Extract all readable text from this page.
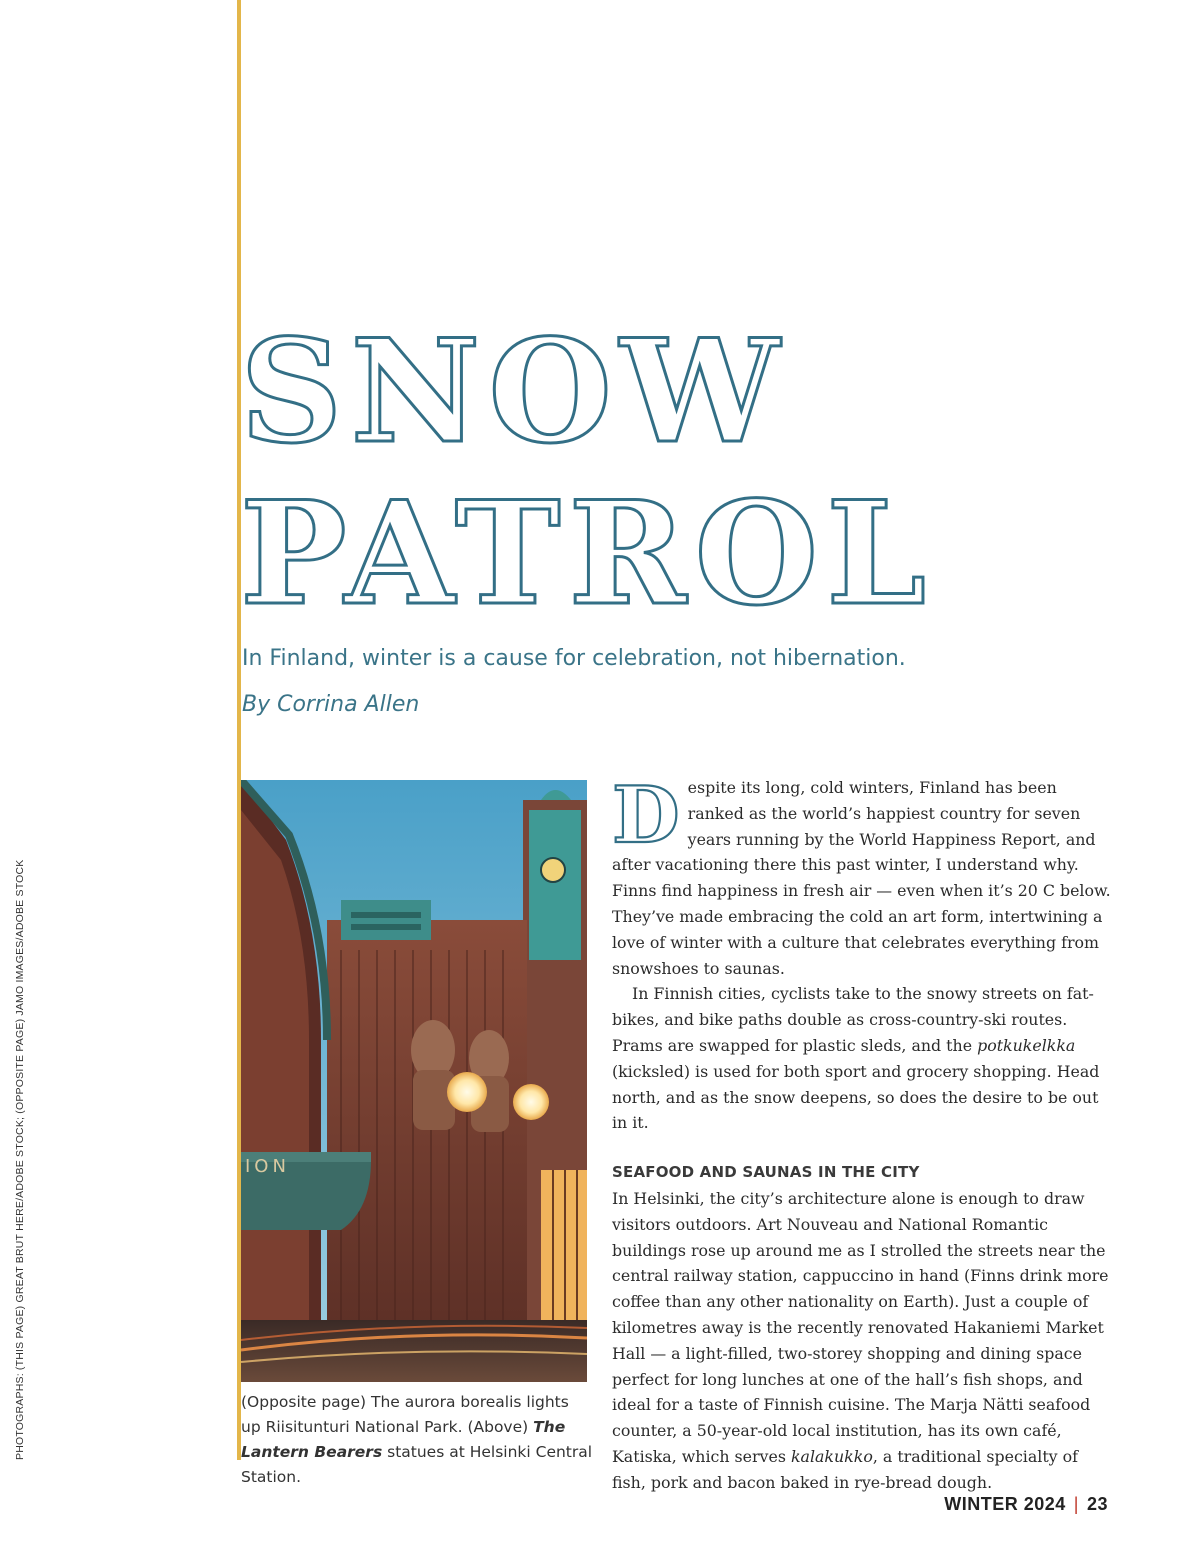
PHOTOGRAPHS: (THIS PAGE) GREAT BRUT HERE/ADOBE STOCK; (OPPOSITE PAGE) JAMO IMAGES/ADOBE STOCK
SNOW
PATROL
In Finland, winter is a cause for celebration, not hibernation.
By Corrina Allen
ION
(Opposite page) The aurora borealis lights up Riisitunturi National Park. (Above) The Lantern Bearers statues at Helsinki Central Station.

Despite its long, cold winters, Finland has been ranked as the world’s happiest country for seven years running by the World Happiness Report, and after vacationing there this past winter, I understand why. Finns find happiness in fresh air — even when it’s 20 C below. They’ve made embracing the cold an art form, intertwining a love of winter with a culture that celebrates everything from snowshoes to saunas.

In Finnish cities, cyclists take to the snowy streets on fat-bikes, and bike paths double as cross-country-ski routes. Prams are swapped for plastic sleds, and the potkukelkka (kicksled) is used for both sport and grocery shopping. Head north, and as the snow deepens, so does the desire to be out in it.

SEAFOOD AND SAUNAS IN THE CITY

In Helsinki, the city’s architecture alone is enough to draw visitors outdoors. Art Nouveau and National Romantic buildings rose up around me as I strolled the streets near the central railway station, cappuccino in hand (Finns drink more coffee than any other nationality on Earth). Just a couple of kilometres away is the recently renovated Hakaniemi Market Hall — a light-filled, two-storey shopping and dining space perfect for long lunches at one of the hall’s fish shops, and ideal for a taste of Finnish cuisine. The Marja Nätti seafood counter, a 50-year-old local institution, has its own café, Katiska, which serves kalakukko, a traditional specialty of fish, pork and bacon baked in rye-bread dough.

WINTER 2024 | 23
